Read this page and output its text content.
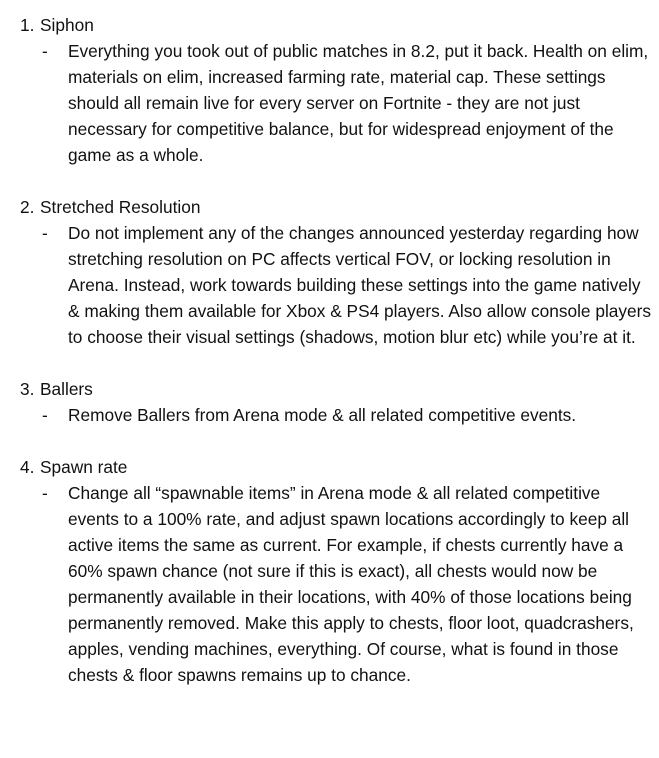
1. Siphon
-	Everything you took out of public matches in 8.2, put it back. Health on elim, materials on elim, increased farming rate, material cap. These settings should all remain live for every server on Fortnite - they are not just necessary for competitive balance, but for widespread enjoyment of the game as a whole.
2. Stretched Resolution
-	Do not implement any of the changes announced yesterday regarding how stretching resolution on PC affects vertical FOV, or locking resolution in Arena. Instead, work towards building these settings into the game natively & making them available for Xbox & PS4 players. Also allow console players to choose their visual settings (shadows, motion blur etc) while you’re at it.
3. Ballers
-	Remove Ballers from Arena mode & all related competitive events.
4. Spawn rate
-	Change all “spawnable items” in Arena mode & all related competitive events to a 100% rate, and adjust spawn locations accordingly to keep all active items the same as current. For example, if chests currently have a 60% spawn chance (not sure if this is exact), all chests would now be permanently available in their locations, with 40% of those locations being permanently removed. Make this apply to chests, floor loot, quadcrashers, apples, vending machines, everything. Of course, what is found in those chests & floor spawns remains up to chance.
